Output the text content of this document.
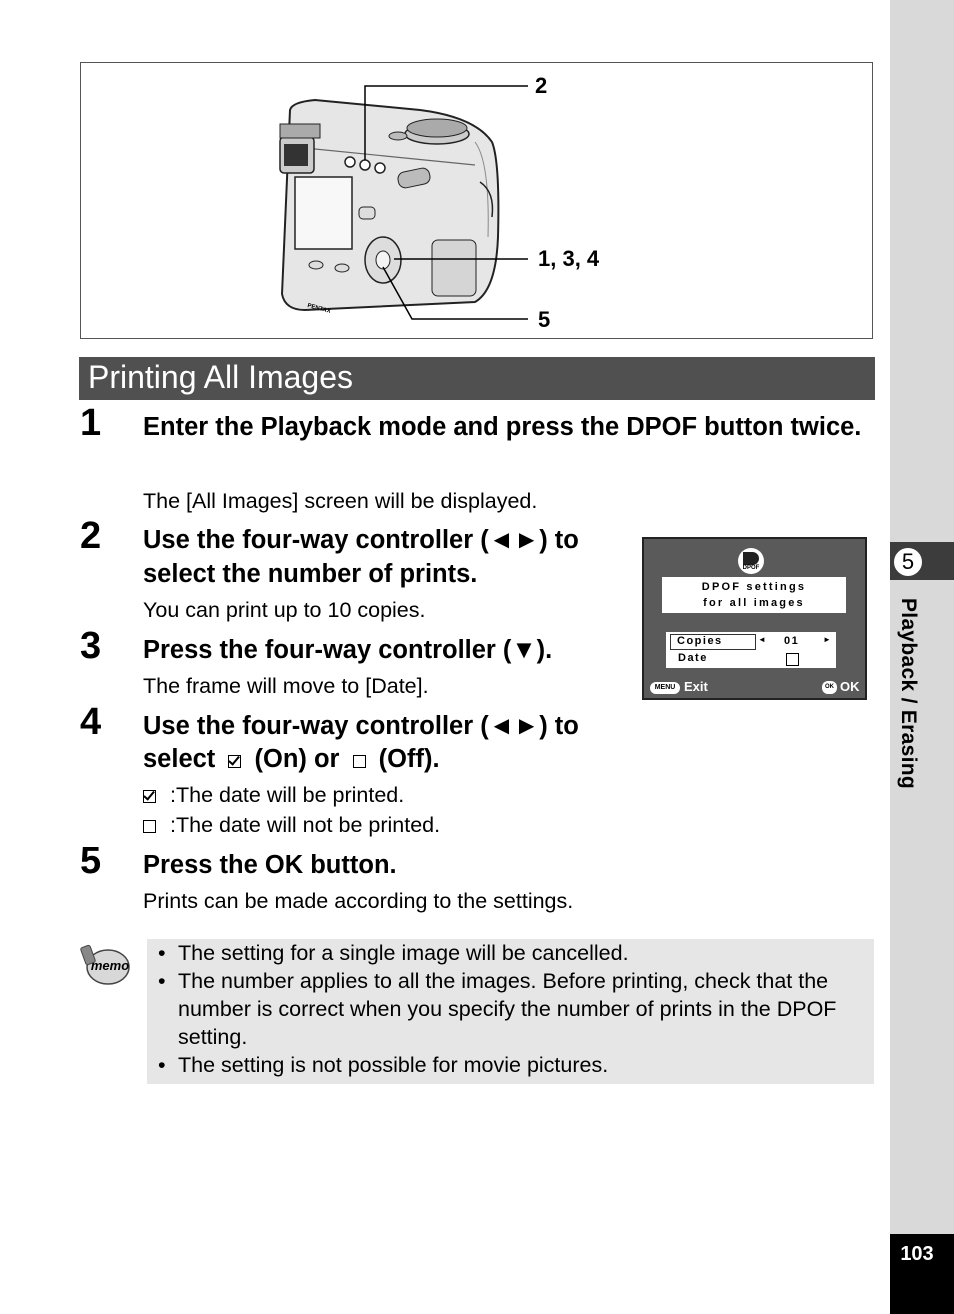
5
Playback / Erasing
103
PENTAX
2
1, 3, 4
5
Printing All Images
1 Enter the Playback mode and press the DPOF button twice.
The [All Images] screen will be displayed.
2 Use the four-way controller (◄►) to
select the number of prints.
You can print up to 10 copies.
3 Press the four-way controller (▼).
The frame will move to [Date].
4 Use the four-way controller (◄►) to
select (On) or (Off).
:The date will be printed.
:The date will not be printed.
5 Press the OK button.
Prints can be made according to the settings.
DPOF
DPOF settings
for all images
Copies	◄ 01	►
Date
MENU Exit	OK OK
memo
• The setting for a single image will be cancelled.
• The number applies to all the images. Before printing, check that the number is correct when you specify the number of prints in the DPOF setting.
• The setting is not possible for movie pictures.
